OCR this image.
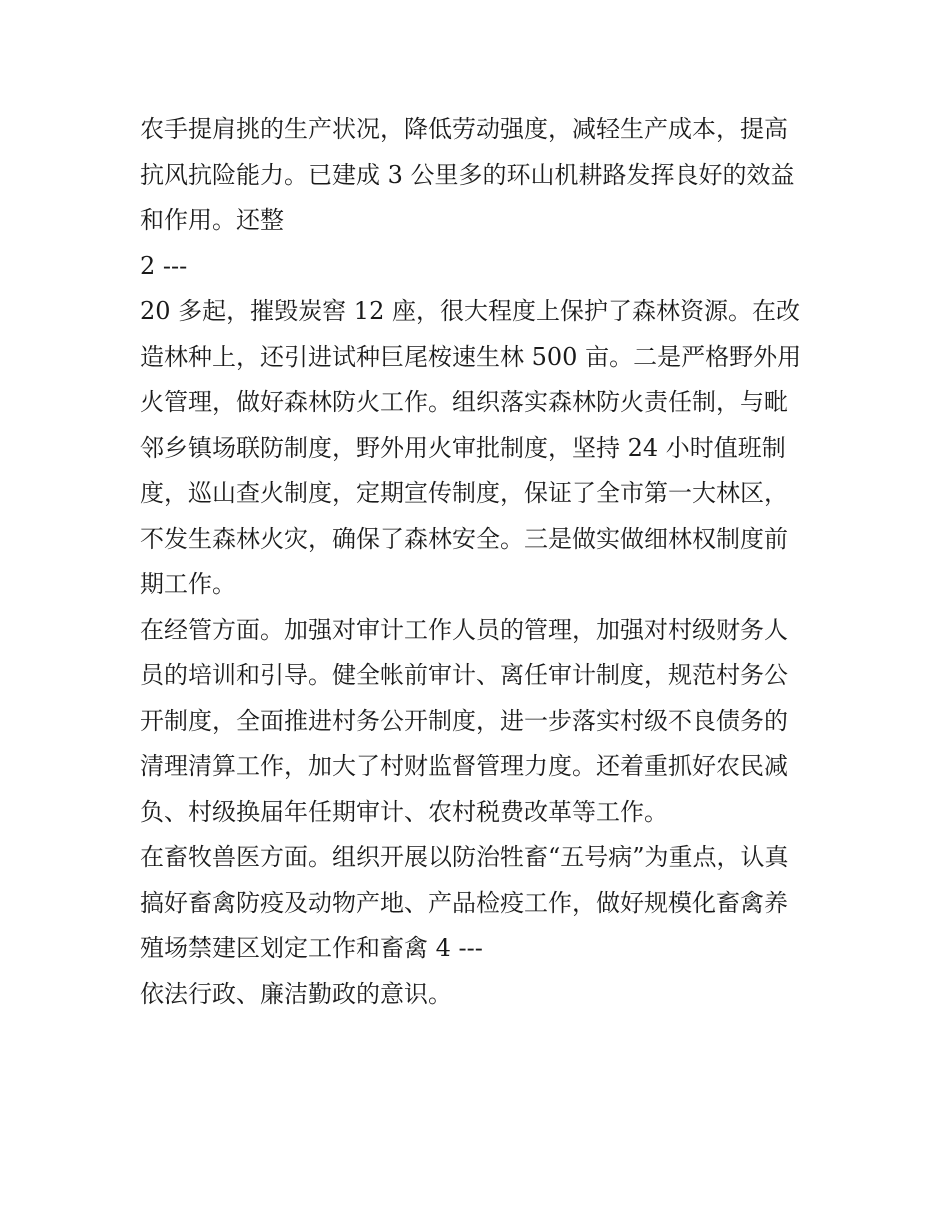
农手提肩挑的生产状况，降低劳动强度，减轻生产成本，提高
抗风抗险能力。已建成 3 公里多的环山机耕路发挥良好的效益
和作用。还整
2 ---
20 多起，摧毁炭窖 12 座，很大程度上保护了森林资源。在改
造林种上，还引进试种巨尾桉速生林 500 亩。二是严格野外用
火管理，做好森林防火工作。组织落实森林防火责任制，与毗
邻乡镇场联防制度，野外用火审批制度，坚持 24 小时值班制
度，巡山查火制度，定期宣传制度，保证了全市第一大林区，
不发生森林火灾，确保了森林安全。三是做实做细林权制度前
期工作。
在经管方面。加强对审计工作人员的管理，加强对村级财务人
员的培训和引导。健全帐前审计、离任审计制度，规范村务公
开制度，全面推进村务公开制度，进一步落实村级不良债务的
清理清算工作，加大了村财监督管理力度。还着重抓好农民减
负、村级换届年任期审计、农村税费改革等工作。
在畜牧兽医方面。组织开展以防治牲畜“五号病”为重点，认真
搞好畜禽防疫及动物产地、产品检疫工作，做好规模化畜禽养
殖场禁建区划定工作和畜禽 4 ---
依法行政、廉洁勤政的意识。
